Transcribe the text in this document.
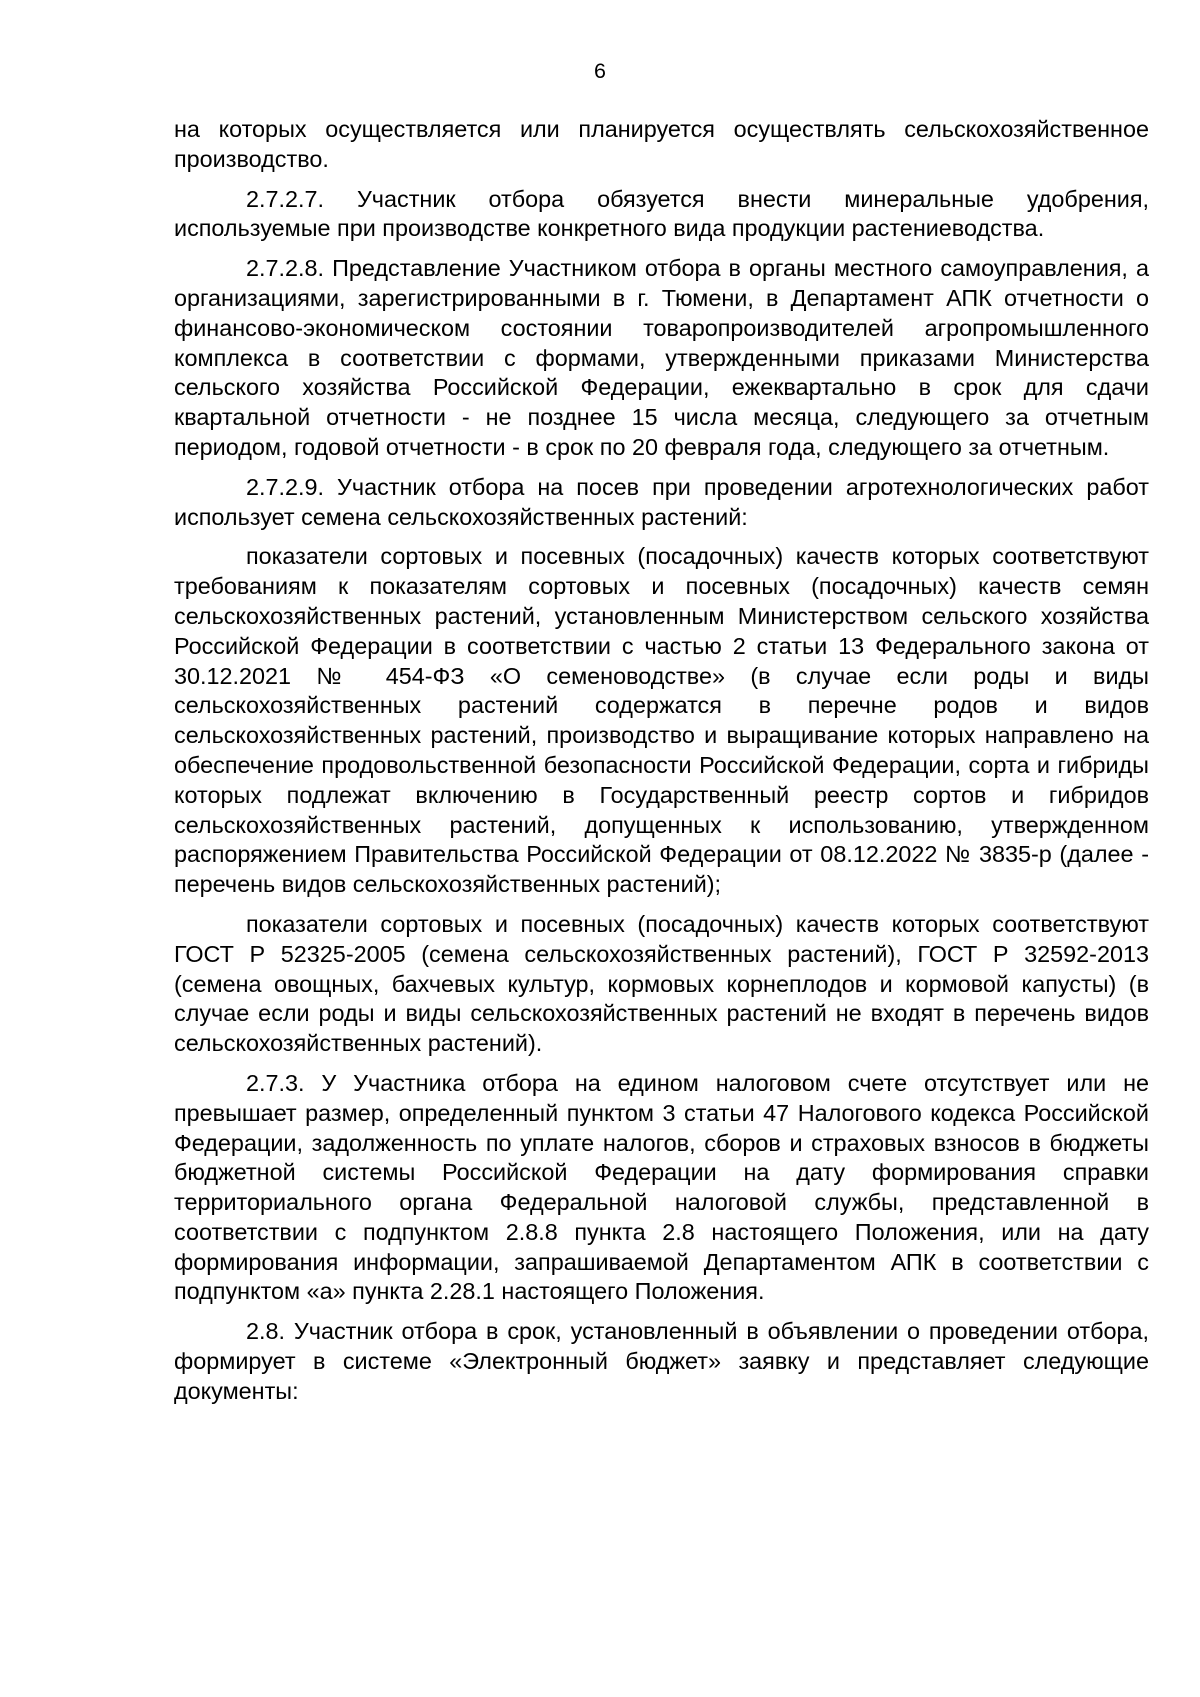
6

на которых осуществляется или планируется осуществлять сельскохозяйственное производство.

2.7.2.7. Участник отбора обязуется внести минеральные удобрения, используемые при производстве конкретного вида продукции растениеводства.

2.7.2.8. Представление Участником отбора в органы местного самоуправления, а организациями, зарегистрированными в г. Тюмени, в Департамент АПК отчетности о финансово-экономическом состоянии товаропроизводителей агропромышленного комплекса в соответствии с формами, утвержденными приказами Министерства сельского хозяйства Российской Федерации, ежеквартально в срок для сдачи квартальной отчетности - не позднее 15 числа месяца, следующего за отчетным периодом, годовой отчетности - в срок по 20 февраля года, следующего за отчетным.

2.7.2.9. Участник отбора на посев при проведении агротехнологических работ использует семена сельскохозяйственных растений:

показатели сортовых и посевных (посадочных) качеств которых соответствуют требованиям к показателям сортовых и посевных (посадочных) качеств семян сельскохозяйственных растений, установленным Министерством сельского хозяйства Российской Федерации в соответствии с частью 2 статьи 13 Федерального закона от 30.12.2021 № 454-ФЗ «О семеноводстве» (в случае если роды и виды сельскохозяйственных растений содержатся в перечне родов и видов сельскохозяйственных растений, производство и выращивание которых направлено на обеспечение продовольственной безопасности Российской Федерации, сорта и гибриды которых подлежат включению в Государственный реестр сортов и гибридов сельскохозяйственных растений, допущенных к использованию, утвержденном распоряжением Правительства Российской Федерации от 08.12.2022 № 3835-р (далее - перечень видов сельскохозяйственных растений);

показатели сортовых и посевных (посадочных) качеств которых соответствуют ГОСТ Р 52325-2005 (семена сельскохозяйственных растений), ГОСТ Р 32592-2013 (семена овощных, бахчевых культур, кормовых корнеплодов и кормовой капусты) (в случае если роды и виды сельскохозяйственных растений не входят в перечень видов сельскохозяйственных растений).

2.7.3. У Участника отбора на едином налоговом счете отсутствует или не превышает размер, определенный пунктом 3 статьи 47 Налогового кодекса Российской Федерации, задолженность по уплате налогов, сборов и страховых взносов в бюджеты бюджетной системы Российской Федерации на дату формирования справки территориального органа Федеральной налоговой службы, представленной в соответствии с подпунктом 2.8.8 пункта 2.8 настоящего Положения, или на дату формирования информации, запрашиваемой Департаментом АПК в соответствии с подпунктом «а» пункта 2.28.1 настоящего Положения.

2.8. Участник отбора в срок, установленный в объявлении о проведении отбора, формирует в системе «Электронный бюджет» заявку и представляет следующие документы:
